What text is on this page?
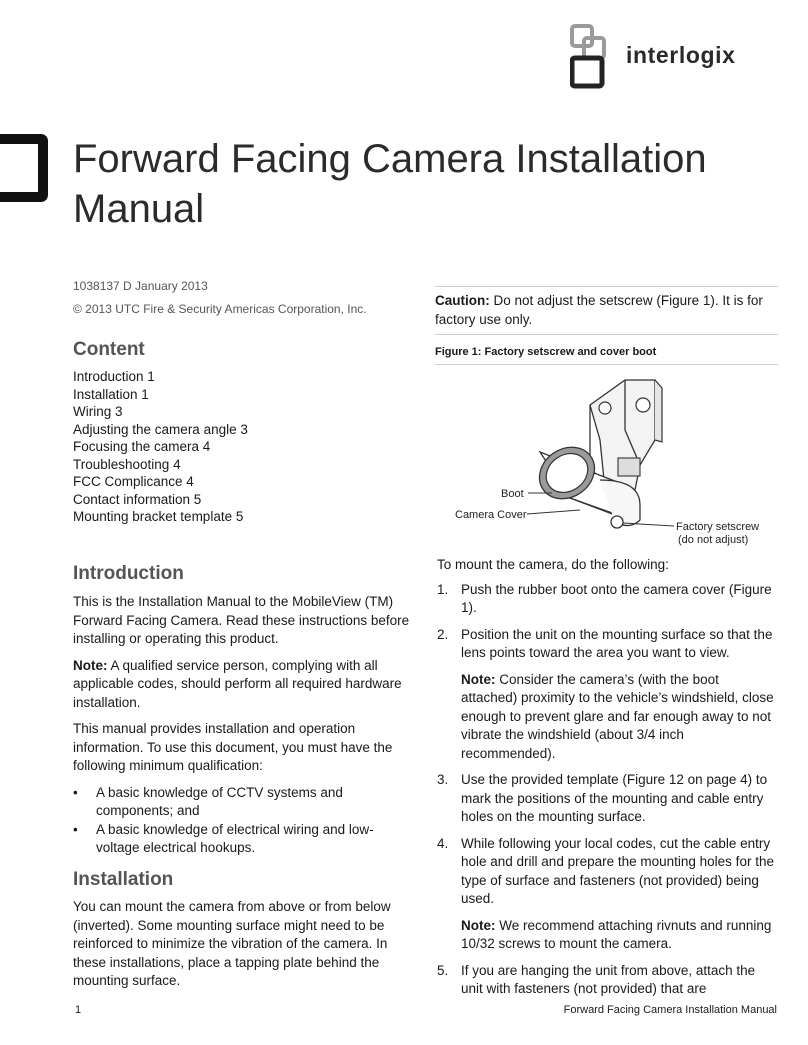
interlogix
Forward Facing Camera Installation Manual
1038137 D January 2013
© 2013 UTC Fire & Security Americas Corporation, Inc.
Content
Introduction 1
Installation 1
Wiring 3
Adjusting the camera angle 3
Focusing the camera 4
Troubleshooting 4
FCC Complicance 4
Contact information 5
Mounting bracket template 5
Introduction

This is the Installation Manual to the MobileView (TM) Forward Facing Camera. Read these instructions before installing or operating this product.

Note: A qualified service person, complying with all applicable codes, should perform all required hardware installation.

This manual provides installation and operation information. To use this document, you must have the following minimum qualification:

• A basic knowledge of CCTV systems and components; and
• A basic knowledge of electrical wiring and low-voltage electrical hookups.
Installation

You can mount the camera from above or from below (inverted). Some mounting surface might need to be reinforced to minimize the vibration of the camera. In these installations, place a tapping plate behind the mounting surface.

Caution: Do not adjust the setscrew (Figure 1). It is for factory use only.
Figure 1: Factory setscrew and cover boot
Boot
Camera Cover
Factory setscrew
(do not adjust)
To mount the camera, do the following:
1. Push the rubber boot onto the camera cover (Figure 1).
2. Position the unit on the mounting surface so that the lens points toward the area you want to view.
Note: Consider the camera’s (with the boot attached) proximity to the vehicle’s windshield, close enough to prevent glare and far enough away to not vibrate the windshield (about 3/4 inch recommended).
3. Use the provided template (Figure 12 on page 4) to mark the positions of the mounting and cable entry holes on the mounting surface.
4. While following your local codes, cut the cable entry hole and drill and prepare the mounting holes for the type of surface and fasteners (not provided) being used.
Note: We recommend attaching rivnuts and running 10/32 screws to mount the camera.
5. If you are hanging the unit from above, attach the unit with fasteners (not provided) that are
1	Forward Facing Camera Installation Manual
